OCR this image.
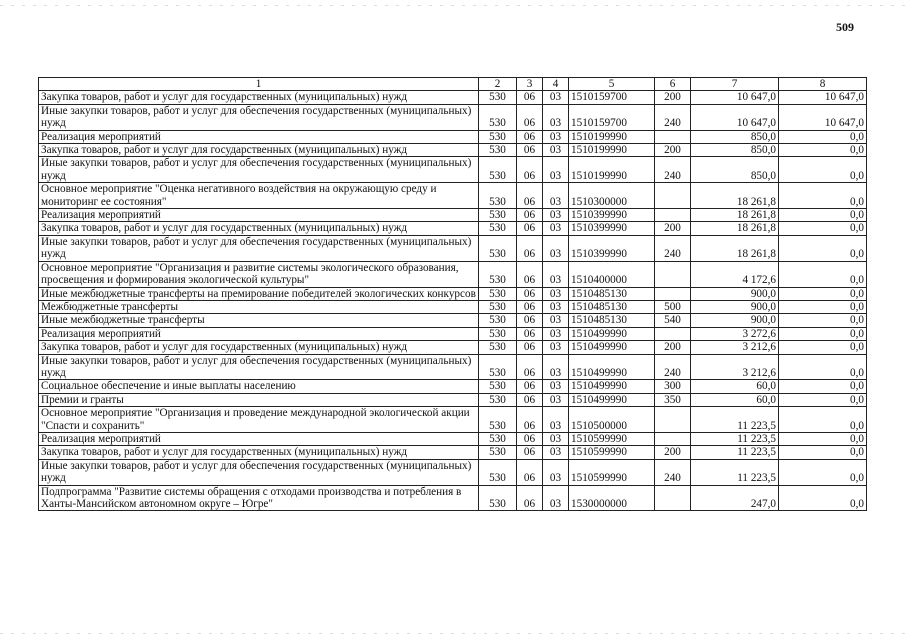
509
1	2	3	4	5	6	7	8
Закупка товаров, работ и услуг для государственных (муниципальных) нужд	530	06	03	1510159700	200	10 647,0	10 647,0
Иные закупки товаров, работ и услуг для обеспечения государственных (муниципальных) нужд	530	06	03	1510159700	240	10 647,0	10 647,0
Реализация мероприятий	530	06	03	1510199990		850,0	0,0
Закупка товаров, работ и услуг для государственных (муниципальных) нужд	530	06	03	1510199990	200	850,0	0,0
Иные закупки товаров, работ и услуг для обеспечения государственных (муниципальных) нужд	530	06	03	1510199990	240	850,0	0,0
Основное мероприятие "Оценка негативного воздействия на окружающую среду и мониторинг ее состояния"	530	06	03	1510300000		18 261,8	0,0
Реализация мероприятий	530	06	03	1510399990		18 261,8	0,0
Закупка товаров, работ и услуг для государственных (муниципальных) нужд	530	06	03	1510399990	200	18 261,8	0,0
Иные закупки товаров, работ и услуг для обеспечения государственных (муниципальных) нужд	530	06	03	1510399990	240	18 261,8	0,0
Основное мероприятие "Организация и развитие системы экологического образования, просвещения и формирования экологической культуры"	530	06	03	1510400000		4 172,6	0,0
Иные межбюджетные трансферты на премирование победителей экологических конкурсов	530	06	03	1510485130		900,0	0,0
Межбюджетные трансферты	530	06	03	1510485130	500	900,0	0,0
Иные межбюджетные трансферты	530	06	03	1510485130	540	900,0	0,0
Реализация мероприятий	530	06	03	1510499990		3 272,6	0,0
Закупка товаров, работ и услуг для государственных (муниципальных) нужд	530	06	03	1510499990	200	3 212,6	0,0
Иные закупки товаров, работ и услуг для обеспечения государственных (муниципальных) нужд	530	06	03	1510499990	240	3 212,6	0,0
Социальное обеспечение и иные выплаты населению	530	06	03	1510499990	300	60,0	0,0
Премии и гранты	530	06	03	1510499990	350	60,0	0,0
Основное мероприятие "Организация и проведение международной экологической акции "Спасти и сохранить"	530	06	03	1510500000		11 223,5	0,0
Реализация мероприятий	530	06	03	1510599990		11 223,5	0,0
Закупка товаров, работ и услуг для государственных (муниципальных) нужд	530	06	03	1510599990	200	11 223,5	0,0
Иные закупки товаров, работ и услуг для обеспечения государственных (муниципальных) нужд	530	06	03	1510599990	240	11 223,5	0,0
Подпрограмма "Развитие системы обращения с отходами производства и потребления в Ханты-Мансийском автономном округе – Югре"	530	06	03	1530000000		247,0	0,0
